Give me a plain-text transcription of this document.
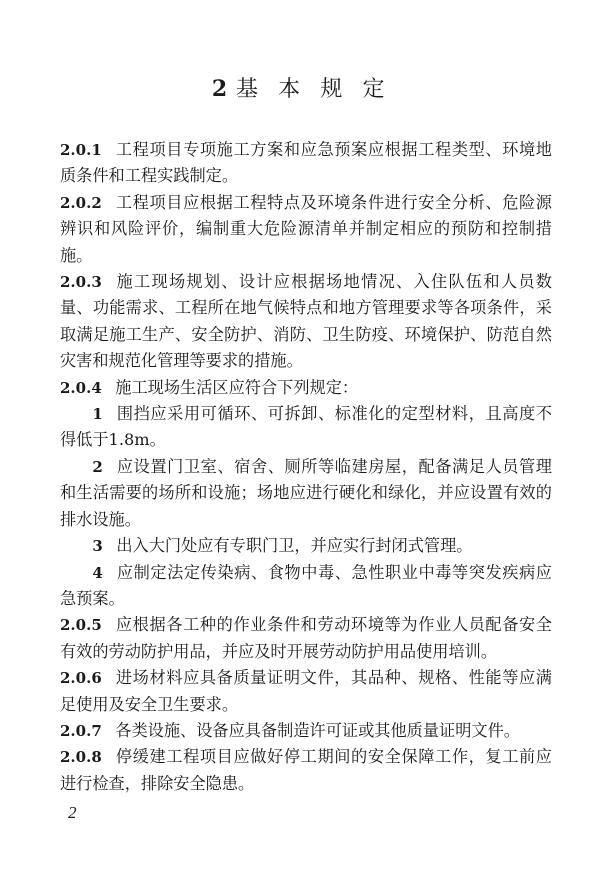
2 基 本 规 定

2.0.1 工程项目专项施工方案和应急预案应根据工程类型、环境地质条件和工程实践制定。

2.0.2 工程项目应根据工程特点及环境条件进行安全分析、危险源辨识和风险评价，编制重大危险源清单并制定相应的预防和控制措施。

2.0.3 施工现场规划、设计应根据场地情况、入住队伍和人员数量、功能需求、工程所在地气候特点和地方管理要求等各项条件，采取满足施工生产、安全防护、消防、卫生防疫、环境保护、防范自然灾害和规范化管理等要求的措施。

2.0.4 施工现场生活区应符合下列规定：

1 围挡应采用可循环、可拆卸、标准化的定型材料，且高度不得低于1.8m。

2 应设置门卫室、宿舍、厕所等临建房屋，配备满足人员管理和生活需要的场所和设施；场地应进行硬化和绿化，并应设置有效的排水设施。

3 出入大门处应有专职门卫，并应实行封闭式管理。

4 应制定法定传染病、食物中毒、急性职业中毒等突发疾病应急预案。

2.0.5 应根据各工种的作业条件和劳动环境等为作业人员配备安全有效的劳动防护用品，并应及时开展劳动防护用品使用培训。

2.0.6 进场材料应具备质量证明文件，其品种、规格、性能等应满足使用及安全卫生要求。

2.0.7 各类设施、设备应具备制造许可证或其他质量证明文件。

2.0.8 停缓建工程项目应做好停工期间的安全保障工作，复工前应进行检查，排除安全隐患。

2
